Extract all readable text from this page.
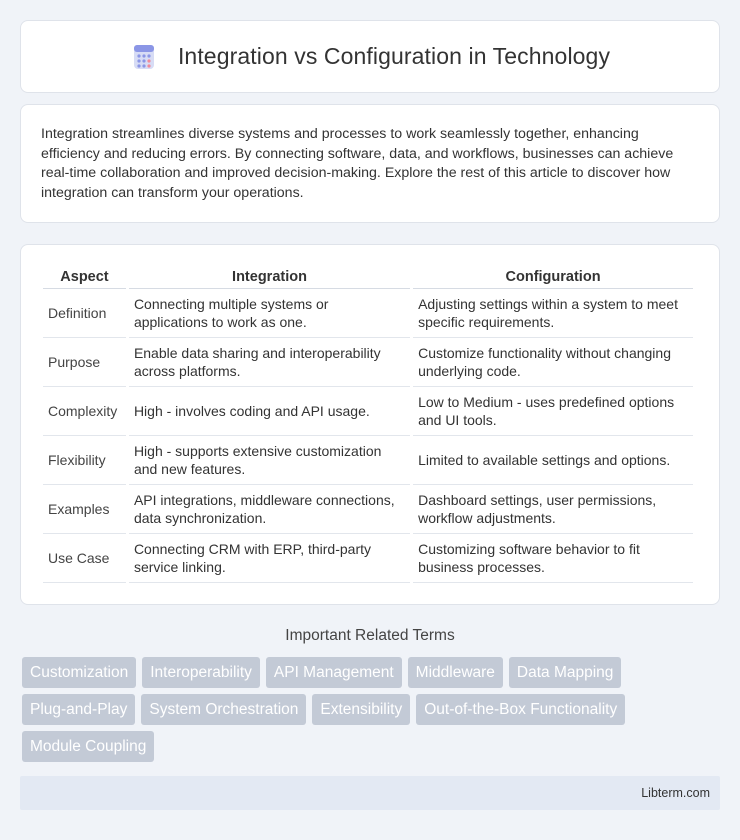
Integration vs Configuration in Technology

Integration streamlines diverse systems and processes to work seamlessly together, enhancing efficiency and reducing errors. By connecting software, data, and workflows, businesses can achieve real-time collaboration and improved decision-making. Explore the rest of this article to discover how integration can transform your operations.

Aspect	Integration	Configuration
Definition	Connecting multiple systems or applications to work as one.	Adjusting settings within a system to meet specific requirements.
Purpose	Enable data sharing and interoperability across platforms.	Customize functionality without changing underlying code.
Complexity	High - involves coding and API usage.	Low to Medium - uses predefined options and UI tools.
Flexibility	High - supports extensive customization and new features.	Limited to available settings and options.
Examples	API integrations, middleware connections, data synchronization.	Dashboard settings, user permissions, workflow adjustments.
Use Case	Connecting CRM with ERP, third-party service linking.	Customizing software behavior to fit business processes.
Important Related Terms
Customization	Interoperability	API Management	Middleware	Data Mapping
Plug-and-Play	System Orchestration	Extensibility	Out-of-the-Box Functionality
Module Coupling
Libterm.com
